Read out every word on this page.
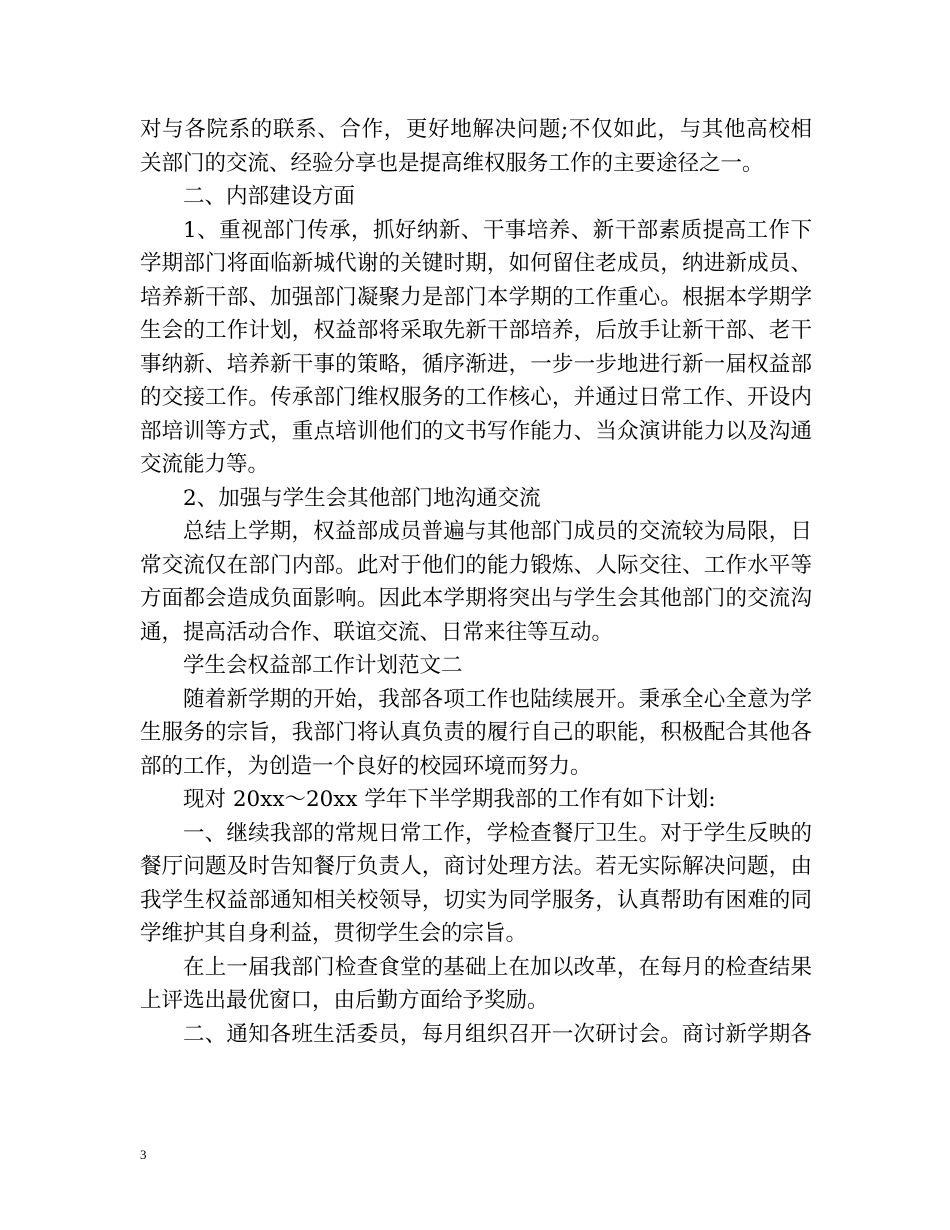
对与各院系的联系、合作，更好地解决问题;不仅如此，与其他高校相
关部门的交流、经验分享也是提高维权服务工作的主要途径之一。
二、内部建设方面
1、重视部门传承，抓好纳新、干事培养、新干部素质提高工作下
学期部门将面临新城代谢的关键时期，如何留住老成员，纳进新成员、
培养新干部、加强部门凝聚力是部门本学期的工作重心。根据本学期学
生会的工作计划，权益部将采取先新干部培养，后放手让新干部、老干
事纳新、培养新干事的策略，循序渐进，一步一步地进行新一届权益部
的交接工作。传承部门维权服务的工作核心，并通过日常工作、开设内
部培训等方式，重点培训他们的文书写作能力、当众演讲能力以及沟通
交流能力等。
2、加强与学生会其他部门地沟通交流
总结上学期，权益部成员普遍与其他部门成员的交流较为局限，日
常交流仅在部门内部。此对于他们的能力锻炼、人际交往、工作水平等
方面都会造成负面影响。因此本学期将突出与学生会其他部门的交流沟
通，提高活动合作、联谊交流、日常来往等互动。
学生会权益部工作计划范文二
随着新学期的开始，我部各项工作也陆续展开。秉承全心全意为学
生服务的宗旨，我部门将认真负责的履行自己的职能，积极配合其他各
部的工作，为创造一个良好的校园环境而努力。
现对 20xx～20xx 学年下半学期我部的工作有如下计划:
一、继续我部的常规日常工作，学检查餐厅卫生。对于学生反映的
餐厅问题及时告知餐厅负责人，商讨处理方法。若无实际解决问题，由
我学生权益部通知相关校领导，切实为同学服务，认真帮助有困难的同
学维护其自身利益，贯彻学生会的宗旨。
在上一届我部门检查食堂的基础上在加以改革，在每月的检查结果
上评选出最优窗口，由后勤方面给予奖励。
二、通知各班生活委员，每月组织召开一次研讨会。商讨新学期各
3
